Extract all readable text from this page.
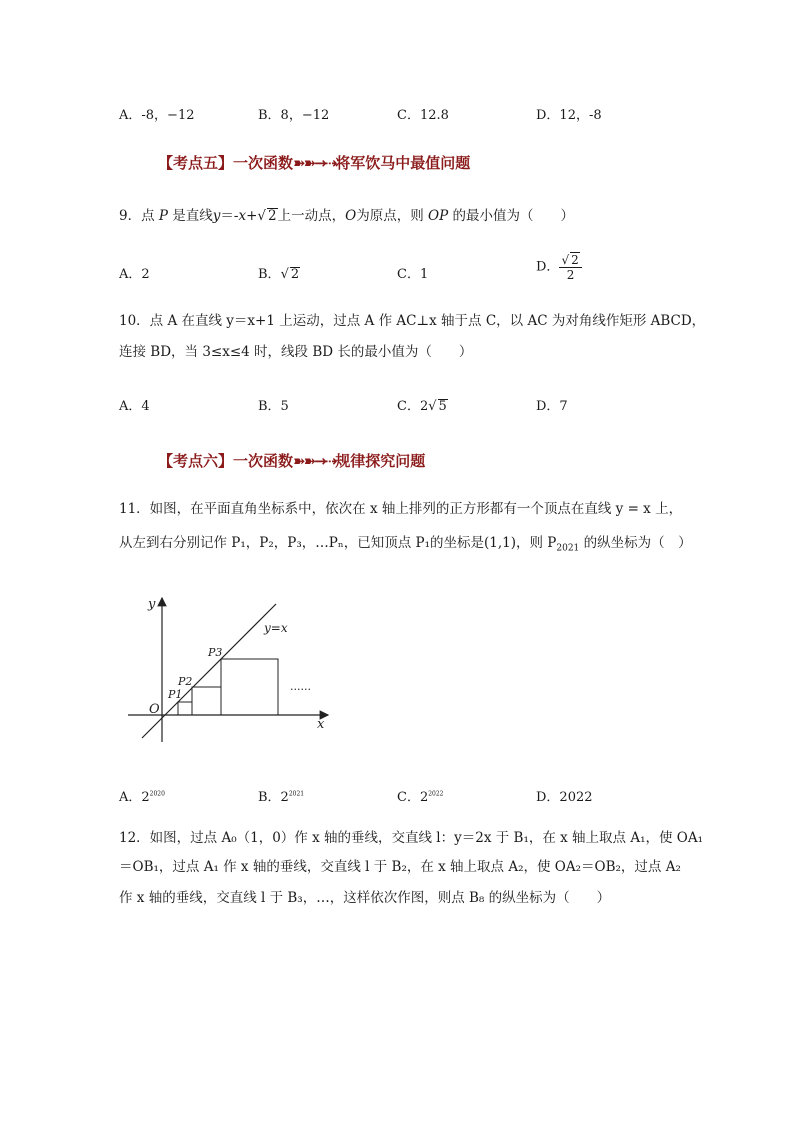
A．-8，−12	B．8，−12	C．12.8	D．12，-8
【考点五】一次函数➽➽→⇢将军饮马中最值问题
9．点 P 是直线y＝-x+√ 2上一动点，O为原点，则 OP 的最小值为（　　）
A．2	B．√ 2	C．1	D． $\frac{√ 2}{2}$
10．点 A 在直线 y＝x+1 上运动，过点 A 作 AC⊥x 轴于点 C，以 AC 为对角线作矩形 ABCD，
连接 BD，当 3≤x≤4 时，线段 BD 长的最小值为（　　）
A．4	B．5	C．2√ 5	D．7
【考点六】一次函数➽➽→⇢规律探究问题
11．如图，在平面直角坐标系中，依次在 x 轴上排列的正方形都有一个顶点在直线 y = x 上，
从左到右分别记作 P₁，P₂，P₃，…Pₙ，已知顶点 P₁的坐标是(1,1)，则 $P_{2021}$ 的纵坐标为（　）
y
x
O
y=x
P1
P2
P3
......
A．$2^{2020}$	B．$2^{2021}$	C．$2^{2022}$	D．2022
12．如图，过点 A₀（1，0）作 x 轴的垂线，交直线 l：y＝2x 于 B₁，在 x 轴上取点 A₁，使 OA₁
＝OB₁，过点 A₁ 作 x 轴的垂线，交直线 l 于 B₂，在 x 轴上取点 A₂，使 OA₂＝OB₂，过点 A₂
作 x 轴的垂线，交直线 l 于 B₃，…，这样依次作图，则点 B₈ 的纵坐标为（　　）
